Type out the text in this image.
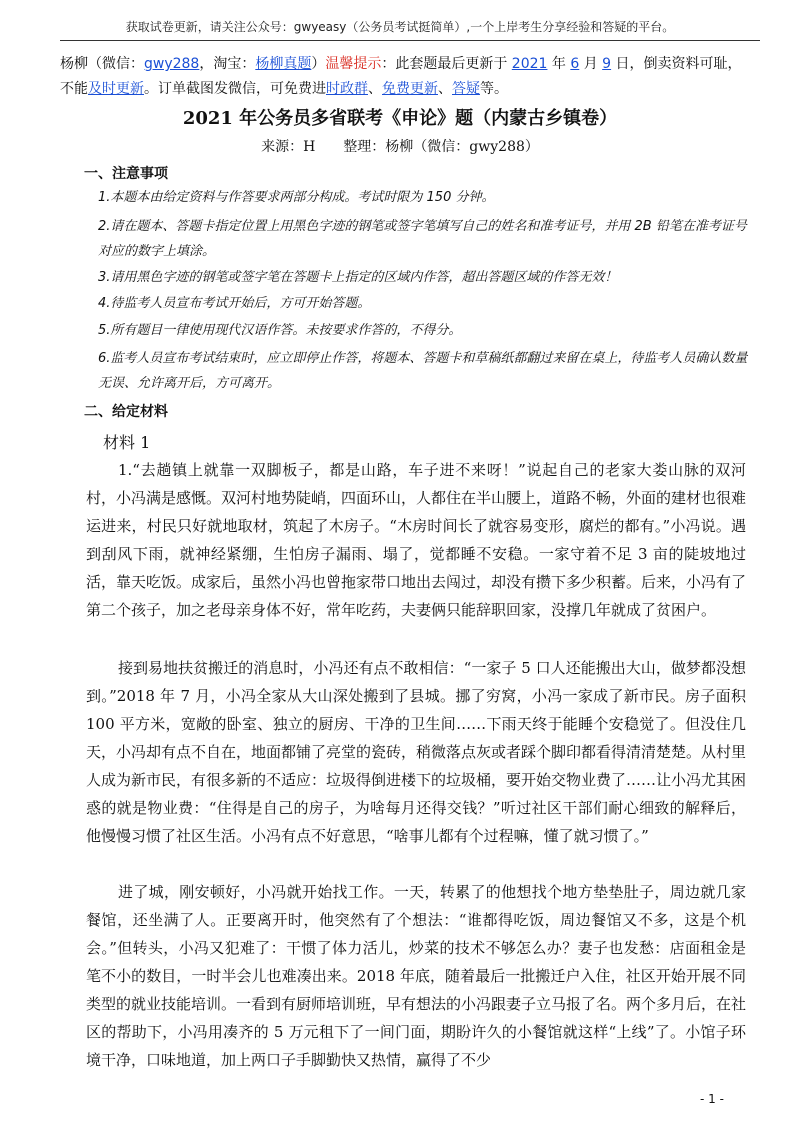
获取试卷更新，请关注公众号：gwyeasy（公务员考试挺简单）,一个上岸考生分享经验和答疑的平台。
杨柳（微信：gwy288，淘宝：杨柳真题）温馨提示：此套题最后更新于 2021 年 6 月 9 日，倒卖资料可耻，
不能及时更新。订单截图发微信，可免费进时政群、免费更新、答疑等。
2021 年公务员多省联考《申论》题（内蒙古乡镇卷）
来源：H 整理：杨柳（微信：gwy288）
一、注意事项
1.本题本由给定资料与作答要求两部分构成。考试时限为 150 分钟。
2.请在题本、答题卡指定位置上用黑色字迹的钢笔或签字笔填写自己的姓名和准考证号，并用 2B 铅笔在准考证号对应的数字上填涂。
3.请用黑色字迹的钢笔或签字笔在答题卡上指定的区域内作答，超出答题区域的作答无效！
4.待监考人员宣布考试开始后，方可开始答题。
5.所有题目一律使用现代汉语作答。未按要求作答的，不得分。
6.监考人员宣布考试结束时，应立即停止作答，将题本、答题卡和草稿纸都翻过来留在桌上，待监考人员确认数量无误、允许离开后，方可离开。
二、给定材料
材料 1
1.“去趟镇上就靠一双脚板子，都是山路，车子进不来呀！”说起自己的老家大娄山脉的双河村，小冯满是感慨。双河村地势陡峭，四面环山，人都住在半山腰上，道路不畅，外面的建材也很难运进来，村民只好就地取材，筑起了木房子。“木房时间长了就容易变形，腐烂的都有。”小冯说。遇到刮风下雨，就神经紧绷，生怕房子漏雨、塌了，觉都睡不安稳。一家守着不足 3 亩的陡坡地过活，靠天吃饭。成家后，虽然小冯也曾拖家带口地出去闯过，却没有攒下多少积蓄。后来，小冯有了第二个孩子，加之老母亲身体不好，常年吃药，夫妻俩只能辞职回家，没撑几年就成了贫困户。
接到易地扶贫搬迁的消息时，小冯还有点不敢相信：“一家子 5 口人还能搬出大山，做梦都没想到。”2018 年 7 月，小冯全家从大山深处搬到了县城。挪了穷窝，小冯一家成了新市民。房子面积 100 平方米，宽敞的卧室、独立的厨房、干净的卫生间……下雨天终于能睡个安稳觉了。但没住几天，小冯却有点不自在，地面都铺了亮堂的瓷砖，稍微落点灰或者踩个脚印都看得清清楚楚。从村里人成为新市民，有很多新的不适应：垃圾得倒进楼下的垃圾桶，要开始交物业费了……让小冯尤其困惑的就是物业费：“住得是自己的房子，为啥每月还得交钱？”听过社区干部们耐心细致的解释后，他慢慢习惯了社区生活。小冯有点不好意思，“啥事儿都有个过程嘛，懂了就习惯了。”
进了城，刚安顿好，小冯就开始找工作。一天，转累了的他想找个地方垫垫肚子，周边就几家餐馆，还坐满了人。正要离开时，他突然有了个想法：“谁都得吃饭，周边餐馆又不多，这是个机会。”但转头，小冯又犯难了：干惯了体力活儿，炒菜的技术不够怎么办？妻子也发愁：店面租金是笔不小的数目，一时半会儿也难凑出来。2018 年底，随着最后一批搬迁户入住，社区开始开展不同类型的就业技能培训。一看到有厨师培训班，早有想法的小冯跟妻子立马报了名。两个多月后，在社区的帮助下，小冯用凑齐的 5 万元租下了一间门面，期盼许久的小餐馆就这样“上线”了。小馆子环境干净，口味地道，加上两口子手脚勤快又热情，赢得了不少
- 1 -
